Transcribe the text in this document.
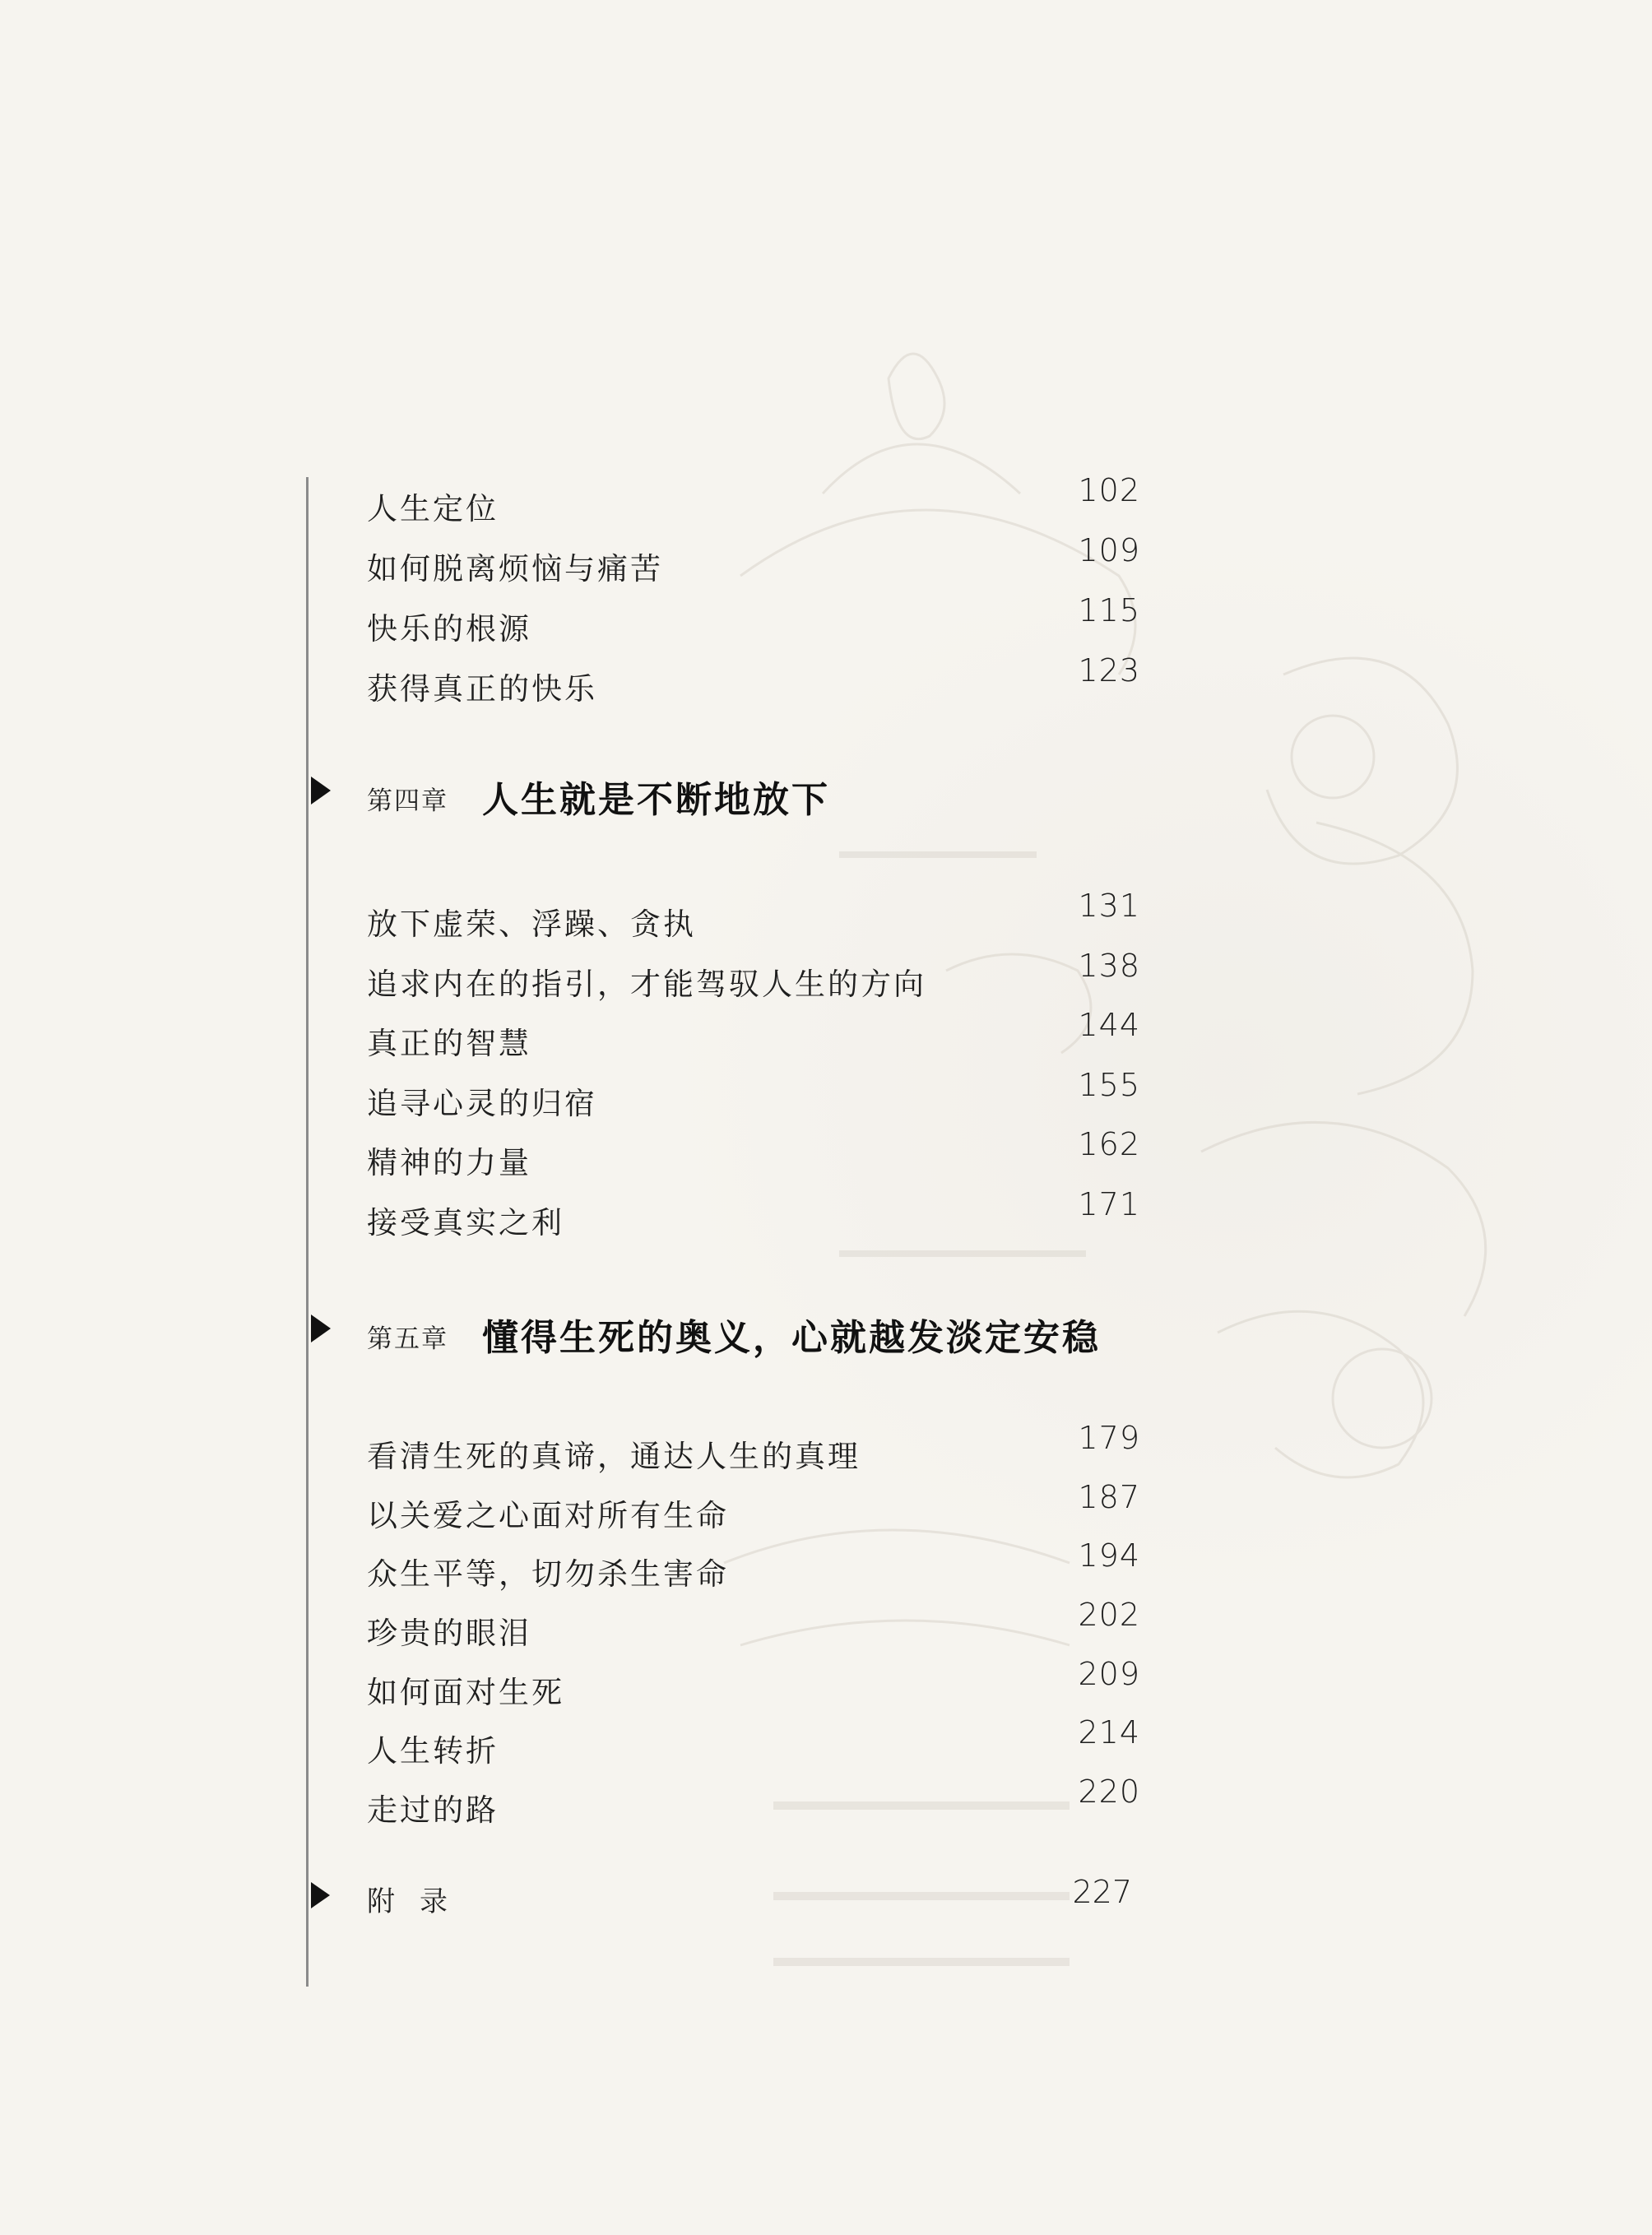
人生定位
102
如何脱离烦恼与痛苦
109
快乐的根源
115
获得真正的快乐
123
第四章 人生就是不断地放下
放下虚荣、浮躁、贪执
131
追求内在的指引，才能驾驭人生的方向
138
真正的智慧
144
追寻心灵的归宿
155
精神的力量
162
接受真实之利
171
第五章 懂得生死的奥义，心就越发淡定安稳
看清生死的真谛，通达人生的真理
179
以关爱之心面对所有生命
187
众生平等，切勿杀生害命
194
珍贵的眼泪
202
如何面对生死
209
人生转折
214
走过的路
220
附录	227
